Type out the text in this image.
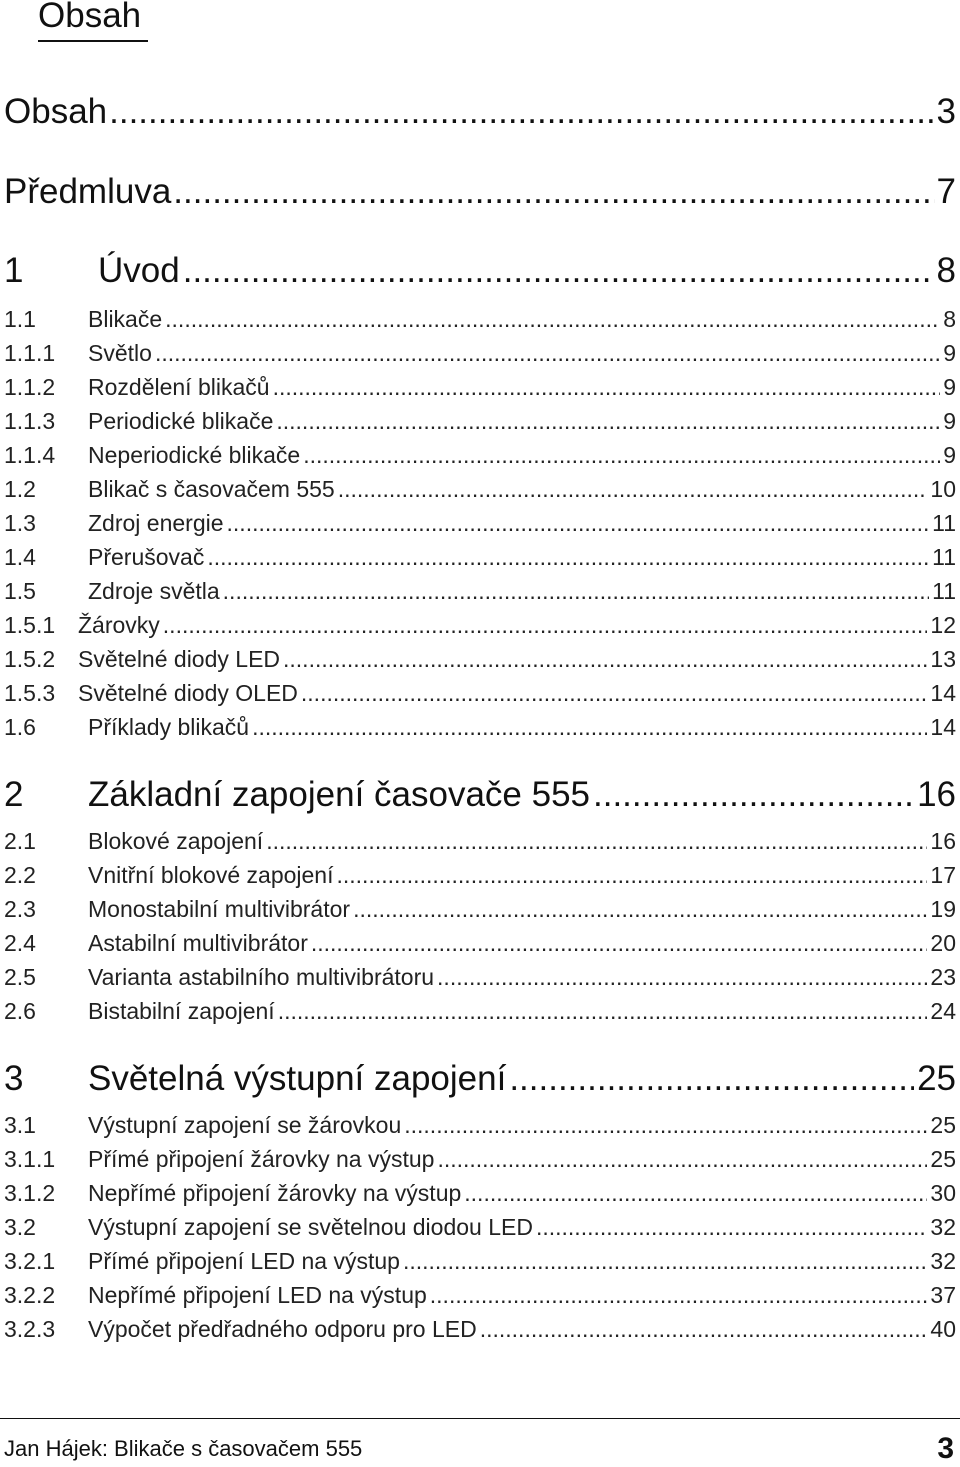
Obsah
Obsah .....	3
Předmluva .....	7
1	Úvod .....	8
1.1	Blikače .....	8
1.1.1	Světlo .....	9
1.1.2	Rozdělení blikačů .....	9
1.1.3	Periodické blikače .....	9
1.1.4	Neperiodické blikače .....	9
1.2	Blikač s časovačem 555 .....	10
1.3	Zdroj energie .....	11
1.4	Přerušovač .....	11
1.5	Zdroje světla .....	11
1.5.1 Žárovky .....	12
1.5.2 Světelné diody LED .....	13
1.5.3 Světelné diody OLED .....	14
1.6	Příklady blikačů .....	14
2	Základní zapojení časovače 555 .....	16
2.1	Blokové zapojení .....	16
2.2	Vnitřní blokové zapojení .....	17
2.3	Monostabilní multivibrátor .....	19
2.4	Astabilní multivibrátor .....	20
2.5	Varianta astabilního multivibrátoru .....	23
2.6	Bistabilní zapojení .....	24
3	Světelná výstupní zapojení .....	25
3.1	Výstupní zapojení se žárovkou .....	25
3.1.1	Přímé připojení žárovky na výstup .....	25
3.1.2	Nepřímé připojení žárovky na výstup .....	30
3.2	Výstupní zapojení se světelnou diodou LED .....	32
3.2.1	Přímé připojení LED na výstup .....	32
3.2.2	Nepřímé připojení LED na výstup .....	37
3.2.3	Výpočet předřadného odporu pro LED .....	40
Jan Hájek: Blikače s časovačem 555	3
